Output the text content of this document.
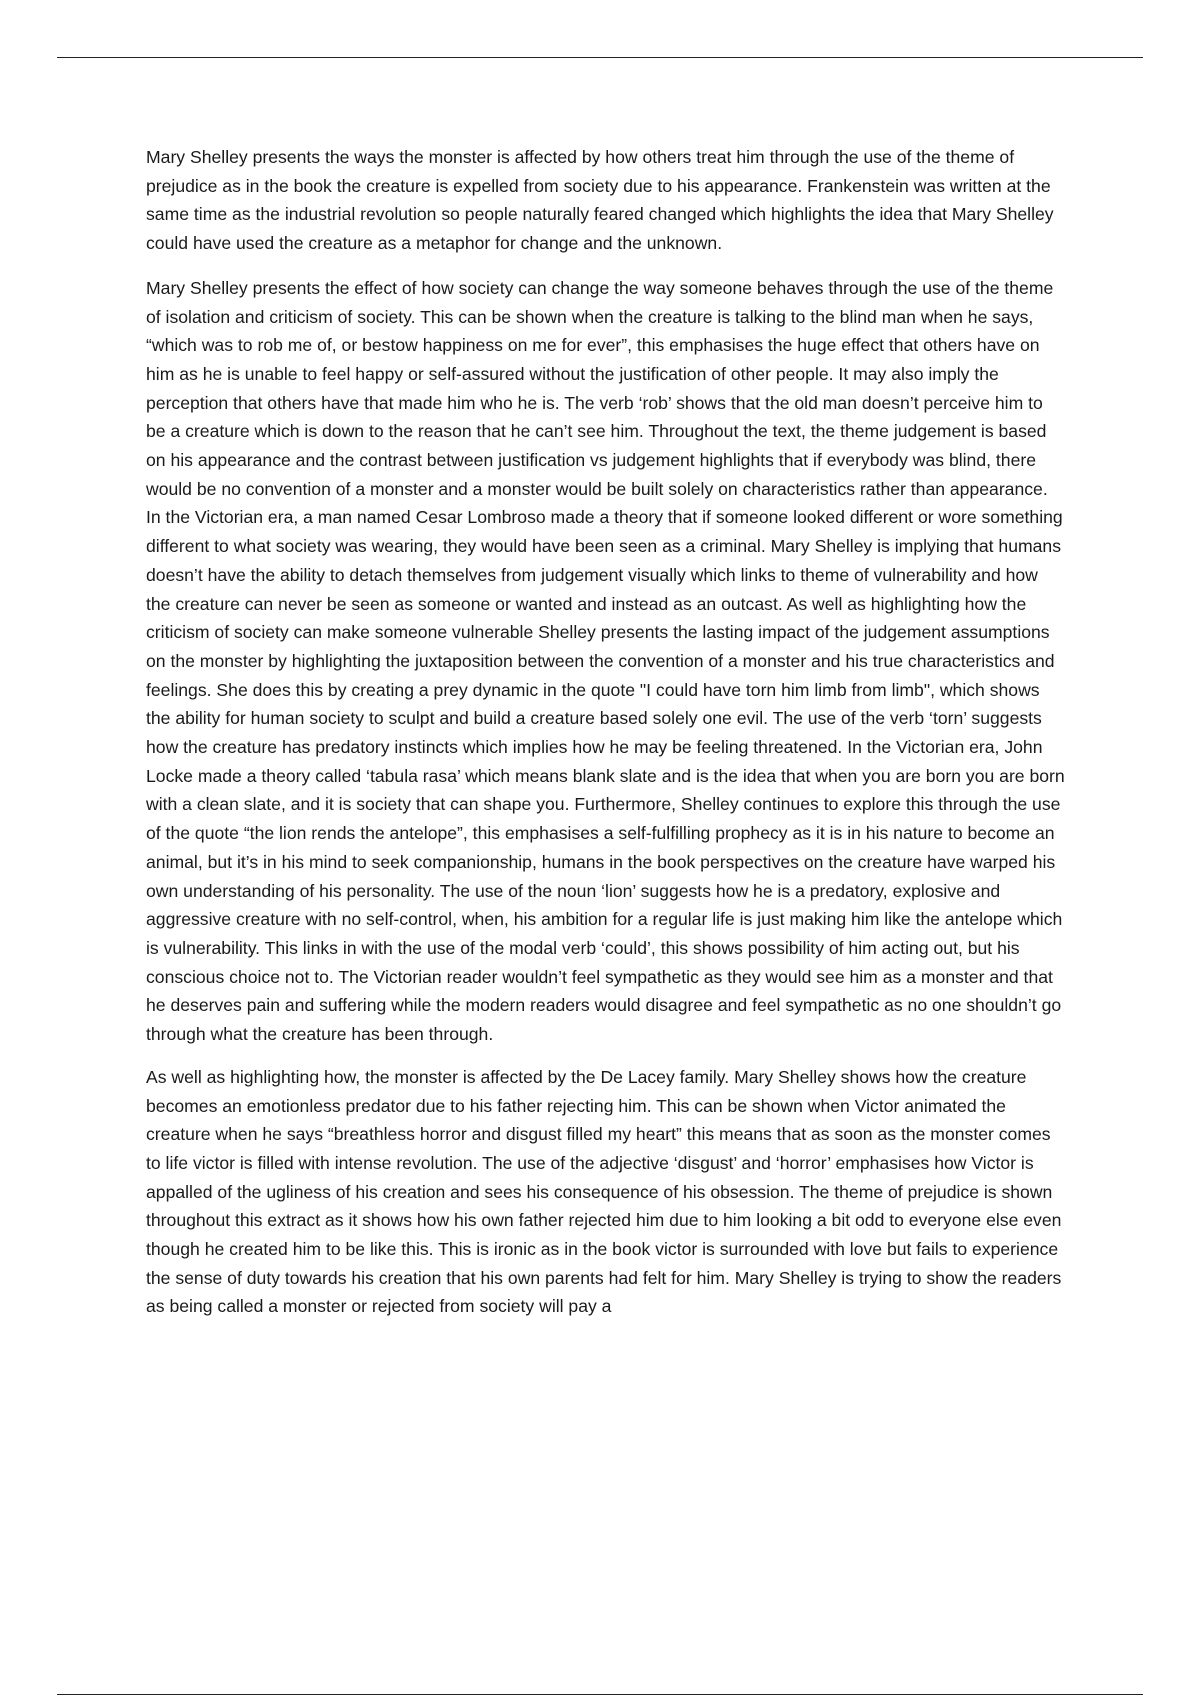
Mary Shelley presents the ways the monster is affected by how others treat him through the use of the theme of prejudice as in the book the creature is expelled from society due to his appearance. Frankenstein was written at the same time as the industrial revolution so people naturally feared changed which highlights the idea that Mary Shelley could have used the creature as a metaphor for change and the unknown.

Mary Shelley presents the effect of how society can change the way someone behaves through the use of the theme of isolation and criticism of society. This can be shown when the creature is talking to the blind man when he says, “which was to rob me of, or bestow happiness on me for ever”, this emphasises the huge effect that others have on him as he is unable to feel happy or self-assured without the justification of other people. It may also imply the perception that others have that made him who he is. The verb ‘rob’ shows that the old man doesn’t perceive him to be a creature which is down to the reason that he can’t see him. Throughout the text, the theme judgement is based on his appearance and the contrast between justification vs judgement highlights that if everybody was blind, there would be no convention of a monster and a monster would be built solely on characteristics rather than appearance. In the Victorian era, a man named Cesar Lombroso made a theory that if someone looked different or wore something different to what society was wearing, they would have been seen as a criminal. Mary Shelley is implying that humans doesn’t have the ability to detach themselves from judgement visually which links to theme of vulnerability and how the creature can never be seen as someone or wanted and instead as an outcast. As well as highlighting how the criticism of society can make someone vulnerable Shelley presents the lasting impact of the judgement assumptions on the monster by highlighting the juxtaposition between the convention of a monster and his true characteristics and feelings. She does this by creating a prey dynamic in the quote "I could have torn him limb from limb", which shows the ability for human society to sculpt and build a creature based solely one evil. The use of the verb ‘torn’ suggests how the creature has predatory instincts which implies how he may be feeling threatened. In the Victorian era, John Locke made a theory called ‘tabula rasa’ which means blank slate and is the idea that when you are born you are born with a clean slate, and it is society that can shape you. Furthermore, Shelley continues to explore this through the use of the quote “the lion rends the antelope”, this emphasises a self-fulfilling prophecy as it is in his nature to become an animal, but it’s in his mind to seek companionship, humans in the book perspectives on the creature have warped his own understanding of his personality. The use of the noun ‘lion’ suggests how he is a predatory, explosive and aggressive creature with no self-control, when, his ambition for a regular life is just making him like the antelope which is vulnerability. This links in with the use of the modal verb ‘could’, this shows possibility of him acting out, but his conscious choice not to. The Victorian reader wouldn’t feel sympathetic as they would see him as a monster and that he deserves pain and suffering while the modern readers would disagree and feel sympathetic as no one shouldn’t go through what the creature has been through.

As well as highlighting how, the monster is affected by the De Lacey family. Mary Shelley shows how the creature becomes an emotionless predator due to his father rejecting him. This can be shown when Victor animated the creature when he says “breathless horror and disgust filled my heart” this means that as soon as the monster comes to life victor is filled with intense revolution. The use of the adjective ‘disgust’ and ‘horror’ emphasises how Victor is appalled of the ugliness of his creation and sees his consequence of his obsession. The theme of prejudice is shown throughout this extract as it shows how his own father rejected him due to him looking a bit odd to everyone else even though he created him to be like this. This is ironic as in the book victor is surrounded with love but fails to experience the sense of duty towards his creation that his own parents had felt for him. Mary Shelley is trying to show the readers as being called a monster or rejected from society will pay a
